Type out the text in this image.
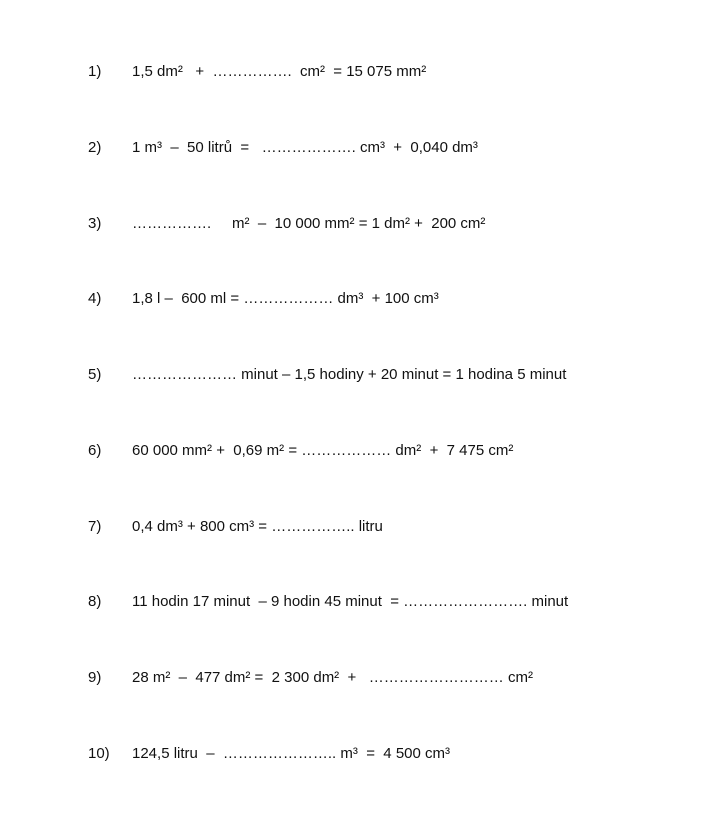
1) 1,5 dm²   +  …………….  cm²  = 15 075 mm²
2) 1 m³  –  50 litrů  =   ………………. cm³  +  0,040 dm³
3) …………….     m²  –  10 000 mm² = 1 dm² +  200 cm²
4) 1,8 l –  600 ml = ……………… dm³  + 100 cm³
5) ………………… minut – 1,5 hodiny + 20 minut = 1 hodina 5 minut
6) 60 000 mm² +  0,69 m² = ……………… dm²  +  7 475 cm²
7) 0,4 dm³ + 800 cm³ = …………….. litru
8) 11 hodin 17 minut  – 9 hodin 45 minut  = ……………………. minut
9) 28 m²  –  477 dm² =  2 300 dm²  +   ……………………… cm²
10) 124,5 litru  –  ………………….. m³  =  4 500 cm³
